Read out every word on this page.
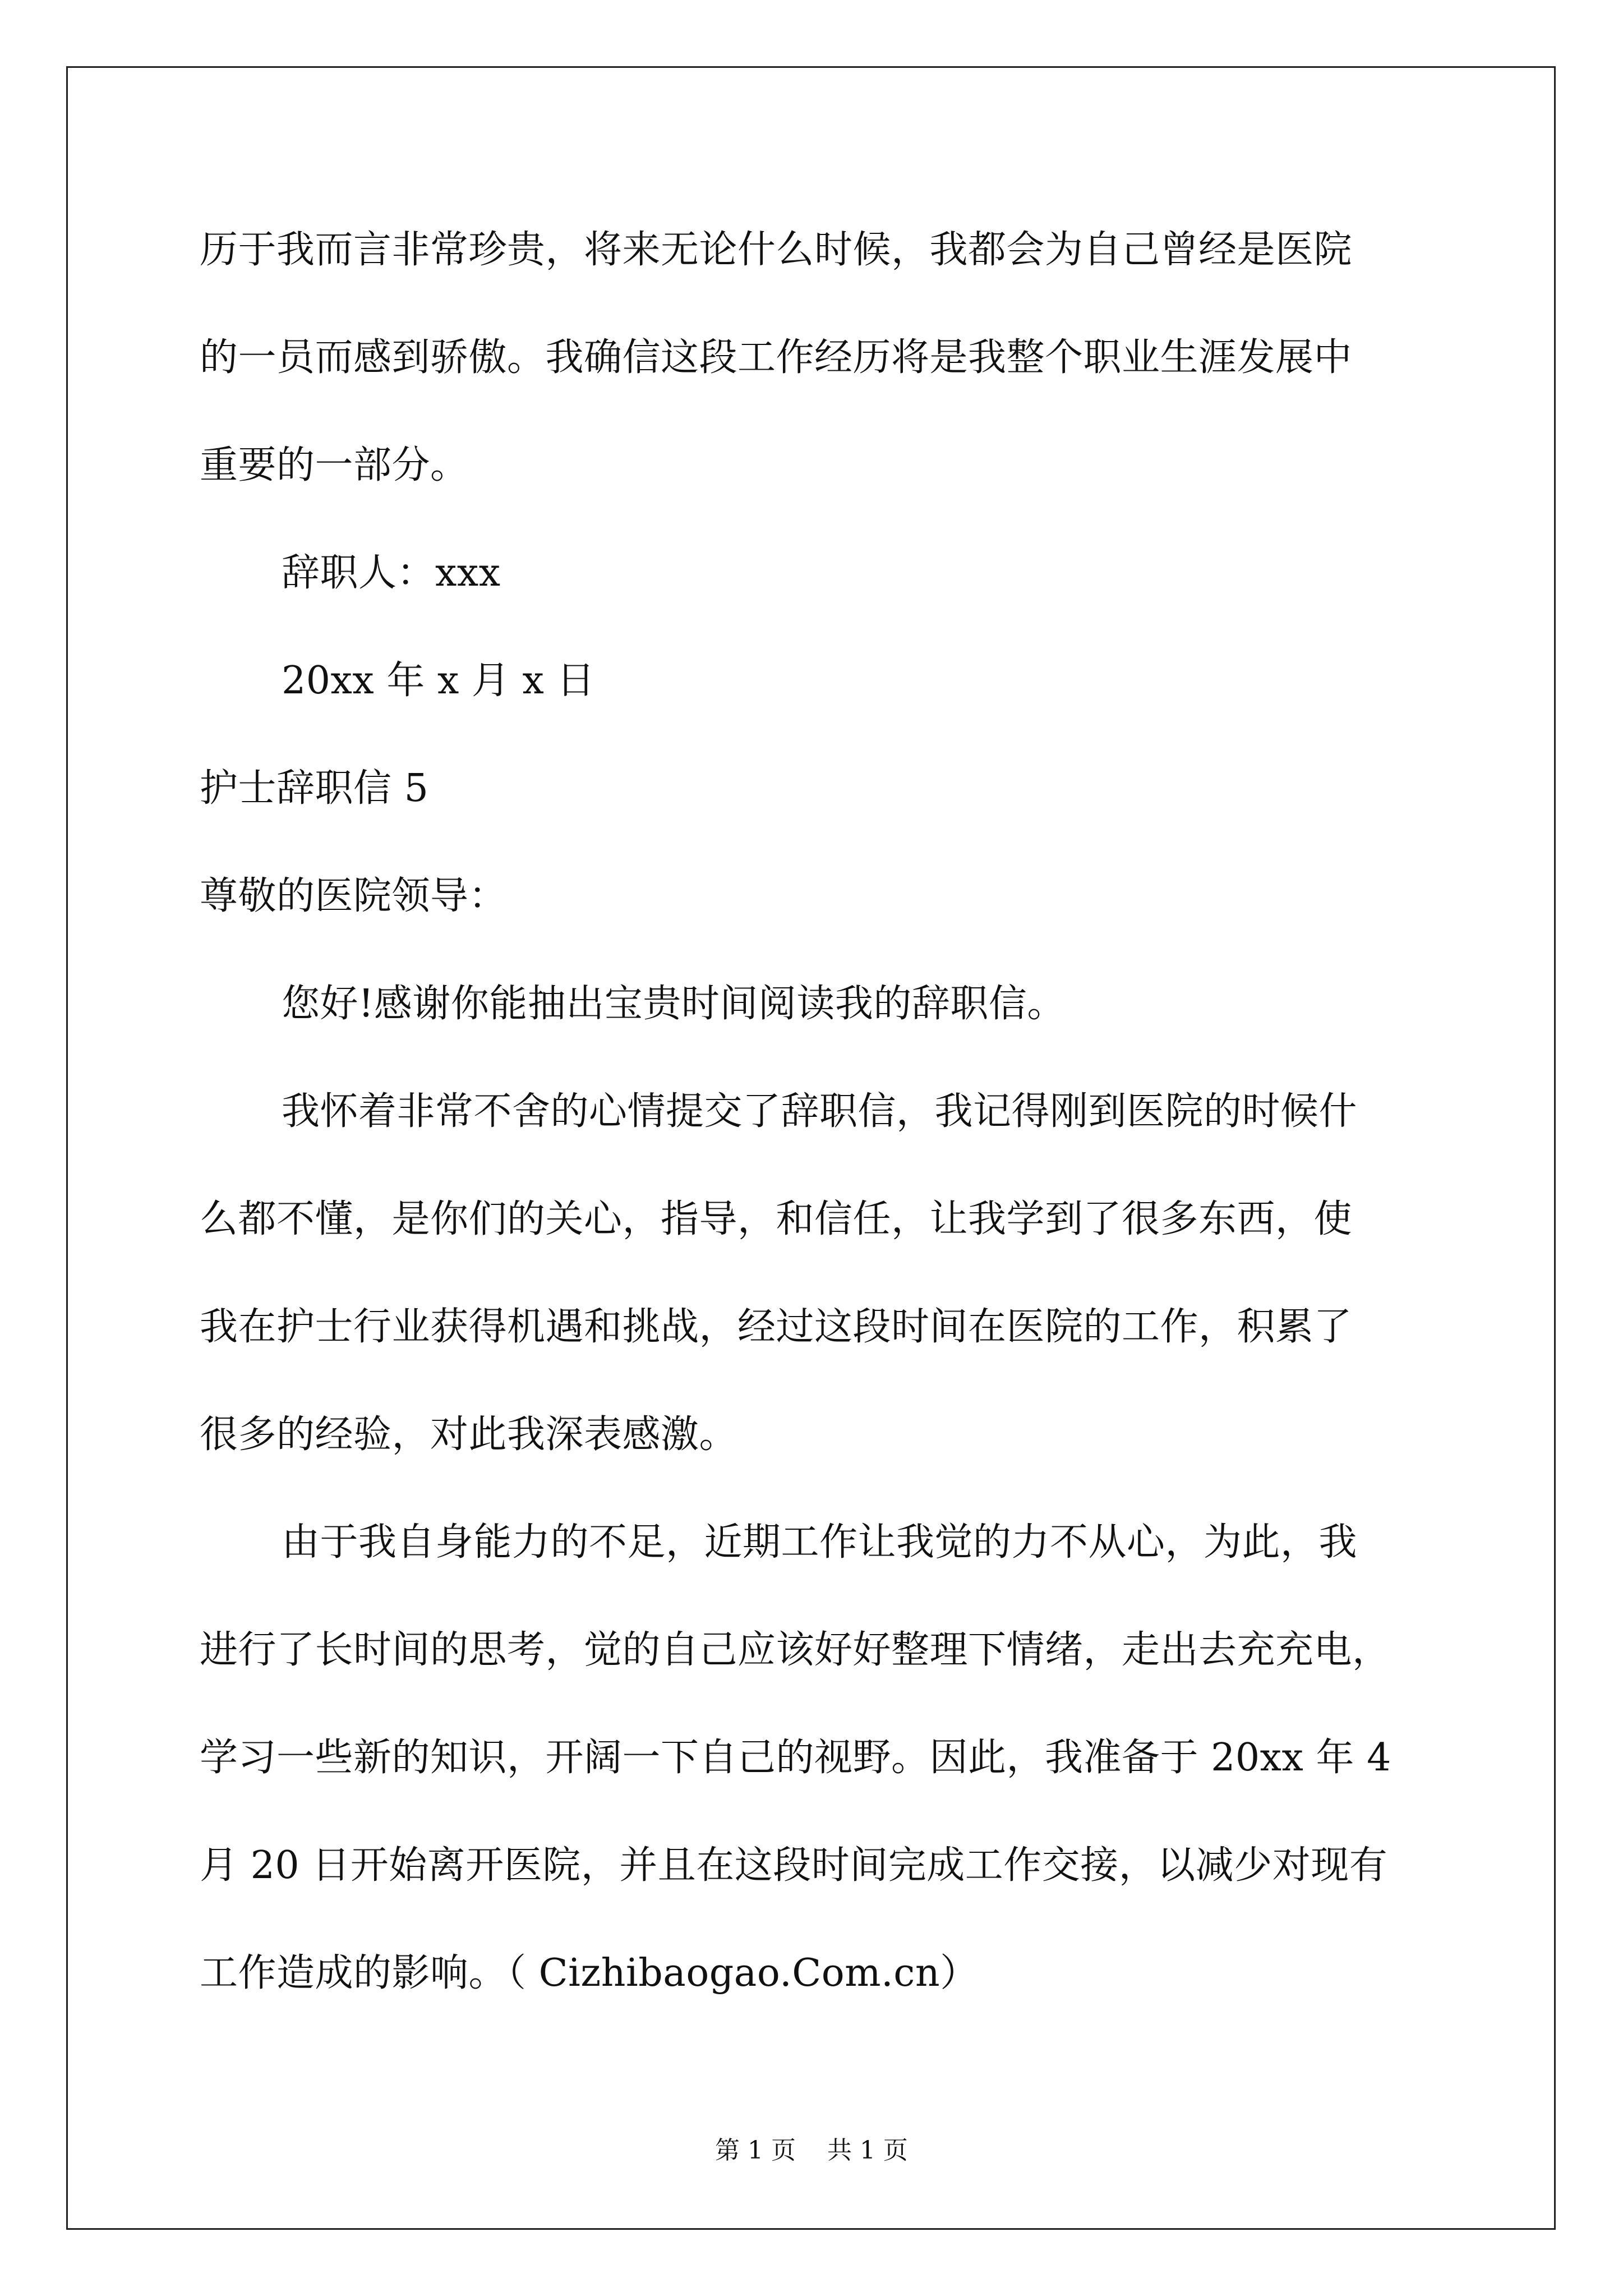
历于我而言非常珍贵，将来无论什么时候，我都会为自己曾经是医院
的一员而感到骄傲。我确信这段工作经历将是我整个职业生涯发展中
重要的一部分。
辞职人：xxx
20xx 年 x 月 x 日
护士辞职信 5
尊敬的医院领导：
您好!感谢你能抽出宝贵时间阅读我的辞职信。
我怀着非常不舍的心情提交了辞职信，我记得刚到医院的时候什
么都不懂，是你们的关心，指导，和信任，让我学到了很多东西，使
我在护士行业获得机遇和挑战，经过这段时间在医院的工作，积累了
很多的经验，对此我深表感激。
由于我自身能力的不足，近期工作让我觉的力不从心，为此，我
进行了长时间的思考，觉的自己应该好好整理下情绪，走出去充充电，
学习一些新的知识，开阔一下自己的视野。因此，我准备于 20xx 年 4
月 20 日开始离开医院，并且在这段时间完成工作交接，以减少对现有
工作造成的影响。（ Cizhibaogao.Com.cn）
第 1 页    共 1 页
